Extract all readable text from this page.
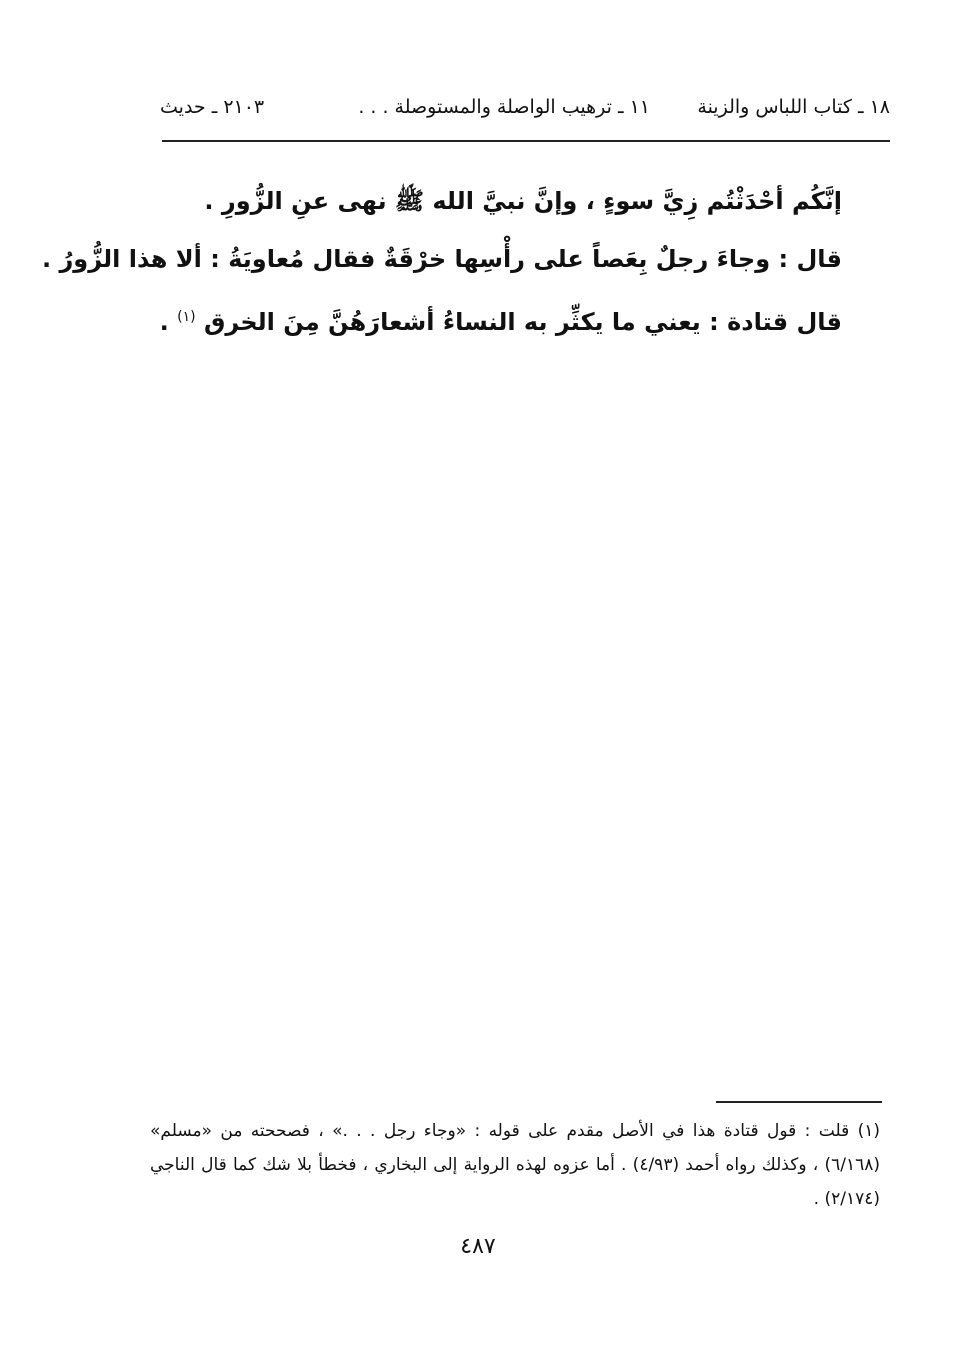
١٨ ـ كتاب اللباس والزينة
١١ ـ ترهيب الواصلة والمستوصلة . . .
٢١٠٣ ـ حديث

إنَّكُم أحْدَثْتُم زِيَّ سوءٍ ، وإنَّ نبيَّ الله ﷺ نهى عنِ الزُّورِ .

قال : وجاءَ رجلٌ بِعَصاً على رأْسِها خرْقَةٌ فقال مُعاويَةُ : ألا هذا الزُّورُ .

قال قتادة : يعني ما يكثِّر به النساءُ أشعارَهُنَّ مِنَ الخرق $^{(١)}$ .

(١) قلت : قول قتادة هذا في الأصل مقدم على قوله : «وجاء رجل . . .» ، فصححته من «مسلم» (٦/١٦٨) ، وكذلك رواه أحمد (٤/٩٣) . أما عزوه لهذه الرواية إلى البخاري ، فخطأ بلا شك كما قال الناجي (٢/١٧٤) .

٤٨٧
